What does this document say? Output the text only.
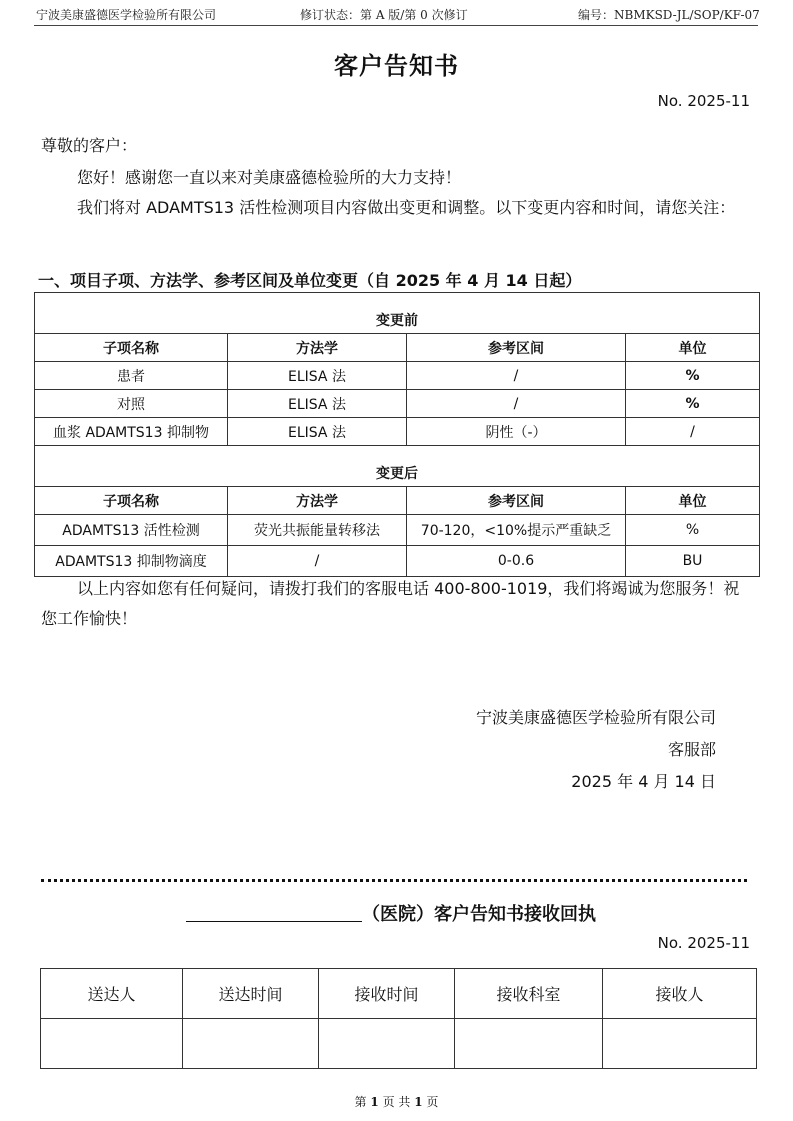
宁波美康盛德医学检验所有限公司	修订状态：第 A 版/第 0 次修订	编号：NBMKSD-JL/SOP/KF-07
客户告知书
No. 2025-11
尊敬的客户：
您好！感谢您一直以来对美康盛德检验所的大力支持！
我们将对 ADAMTS13 活性检测项目内容做出变更和调整。以下变更内容和时间，请您关注：
一、项目子项、方法学、参考区间及单位变更（自 2025 年 4 月 14 日起）
变更前			
子项名称	方法学	参考区间	单位
患者	ELISA 法	/	%
对照	ELISA 法	/	%
血浆 ADAMTS13 抑制物	ELISA 法	阴性（-）	/
变更后			
子项名称	方法学	参考区间	单位
ADAMTS13 活性检测	荧光共振能量转移法	70-120，<10%提示严重缺乏	%
ADAMTS13 抑制物滴度	/	0-0.6	BU
以上内容如您有任何疑问，请拨打我们的客服电话 400-800-1019，我们将竭诚为您服务！祝您工作愉快！
宁波美康盛德医学检验所有限公司
客服部
2025 年 4 月 14 日
（医院）客户告知书接收回执
No. 2025-11
送达人	送达时间	接收时间	接收科室	接收人

第 1 页 共 1 页
